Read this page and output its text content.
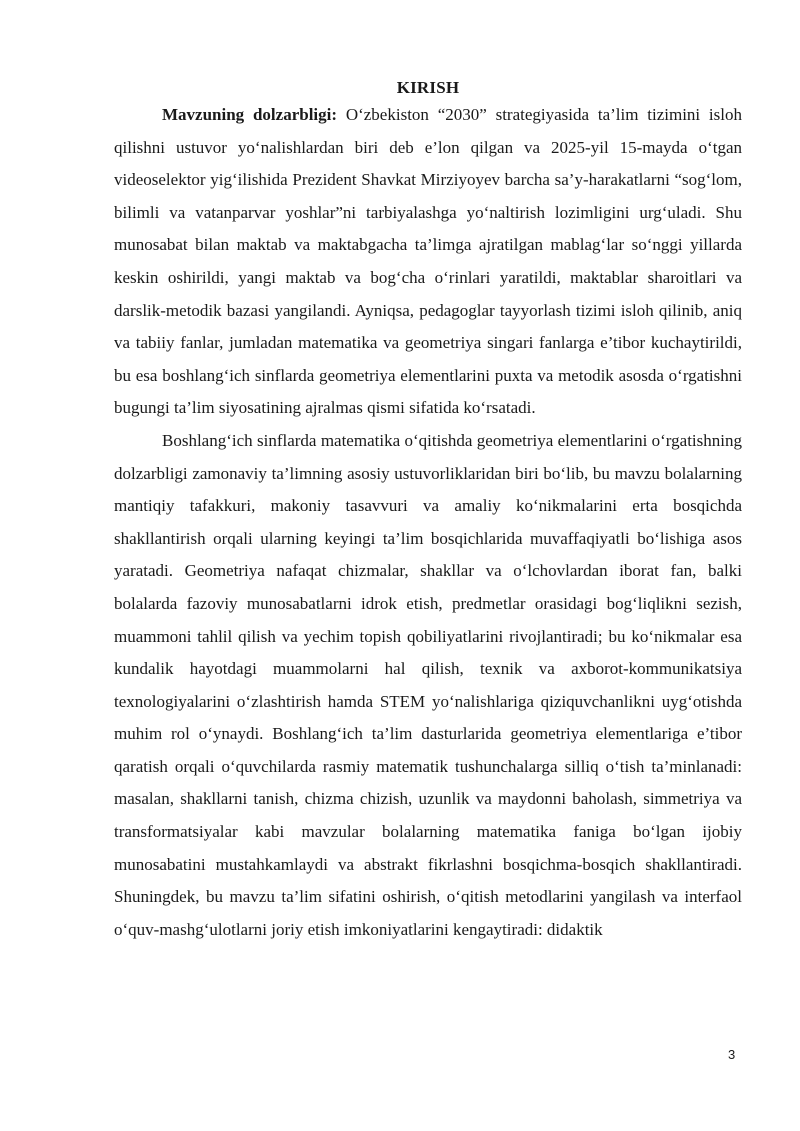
KIRISH

Mavzuning dolzarbligi: O‘zbekiston “2030” strategiyasida ta’lim tizimini isloh qilishni ustuvor yo‘nalishlardan biri deb e’lon qilgan va 2025-yil 15-mayda o‘tgan videoselektor yig‘ilishida Prezident Shavkat Mirziyoyev barcha sa’y-harakatlarni “sog‘lom, bilimli va vatanparvar yoshlar”ni tarbiyalashga yo‘naltirish lozimligini urg‘uladi. Shu munosabat bilan maktab va maktabgacha ta’limga ajratilgan mablag‘lar so‘nggi yillarda keskin oshirildi, yangi maktab va bog‘cha o‘rinlari yaratildi, maktablar sharoitlari va darslik-metodik bazasi yangilandi. Ayniqsa, pedagoglar tayyorlash tizimi isloh qilinib, aniq va tabiiy fanlar, jumladan matematika va geometriya singari fanlarga e’tibor kuchaytirildi, bu esa boshlang‘ich sinflarda geometriya elementlarini puxta va metodik asosda o‘rgatishni bugungi ta’lim siyosatining ajralmas qismi sifatida ko‘rsatadi.

Boshlang‘ich sinflarda matematika o‘qitishda geometriya elementlarini o‘rgatishning dolzarbligi zamonaviy ta’limning asosiy ustuvorliklaridan biri bo‘lib, bu mavzu bolalarning mantiqiy tafakkuri, makoniy tasavvuri va amaliy ko‘nikmalarini erta bosqichda shakllantirish orqali ularning keyingi ta’lim bosqichlarida muvaffaqiyatli bo‘lishiga asos yaratadi. Geometriya nafaqat chizmalar, shakllar va o‘lchovlardan iborat fan, balki bolalarda fazoviy munosabatlarni idrok etish, predmetlar orasidagi bog‘liqlikni sezish, muammoni tahlil qilish va yechim topish qobiliyatlarini rivojlantiradi; bu ko‘nikmalar esa kundalik hayotdagi muammolarni hal qilish, texnik va axborot-kommunikatsiya texnologiyalarini o‘zlashtirish hamda STEM yo‘nalishlariga qiziquvchanlikni uyg‘otishda muhim rol o‘ynaydi. Boshlang‘ich ta’lim dasturlarida geometriya elementlariga e’tibor qaratish orqali o‘quvchilarda rasmiy matematik tushunchalarga silliq o‘tish ta’minlanadi: masalan, shakllarni tanish, chizma chizish, uzunlik va maydonni baholash, simmetriya va transformatsiyalar kabi mavzular bolalarning matematika faniga bo‘lgan ijobiy munosabatini mustahkamlaydi va abstrakt fikrlashni bosqichma-bosqich shakllantiradi. Shuningdek, bu mavzu ta’lim sifatini oshirish, o‘qitish metodlarini yangilash va interfaol o‘quv-mashg‘ulotlarni joriy etish imkoniyatlarini kengaytiradi: didaktik

3
